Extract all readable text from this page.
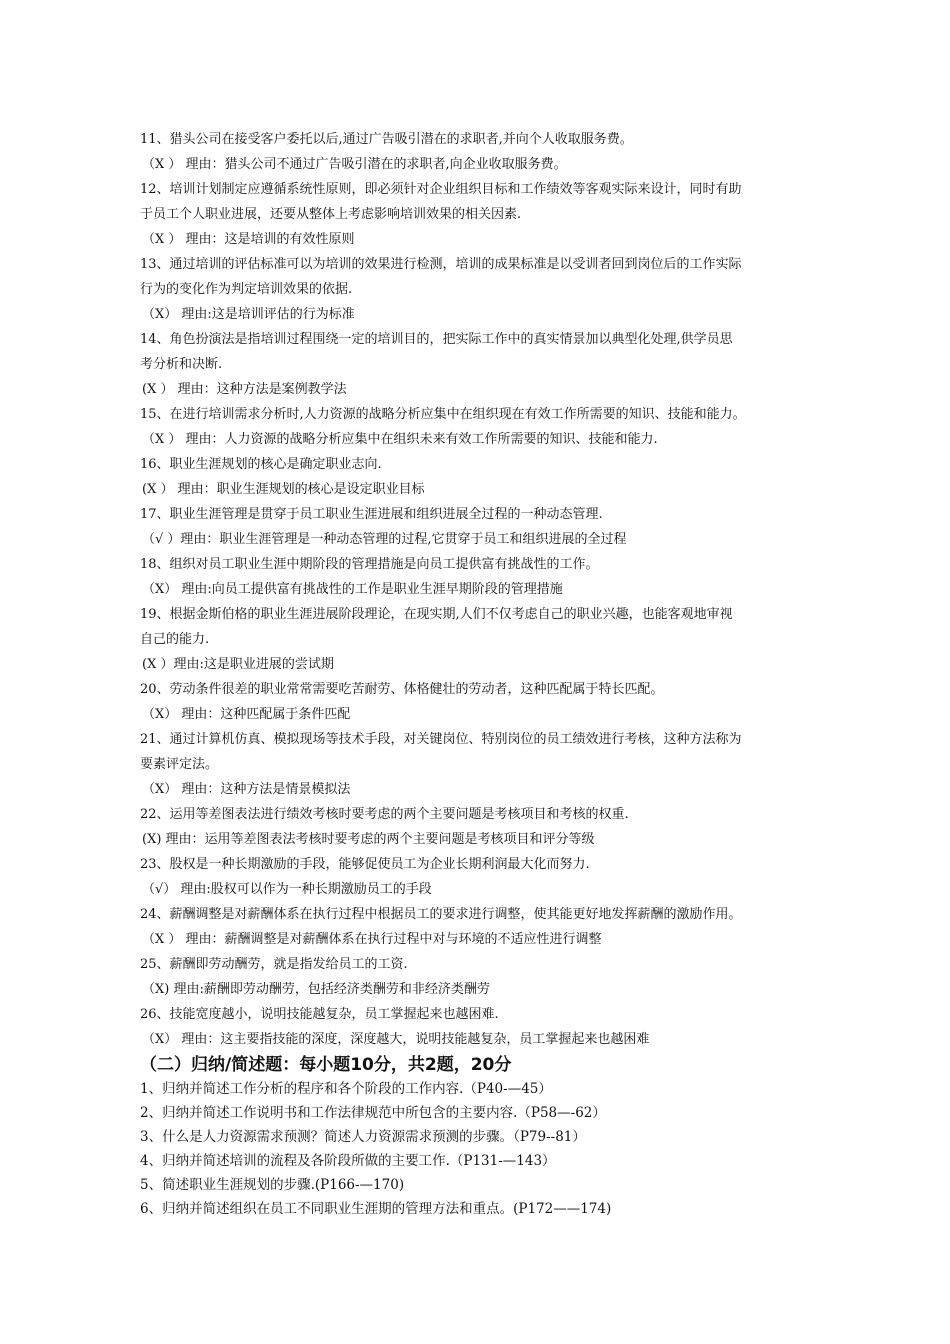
11、猎头公司在接受客户委托以后,通过广告吸引潜在的求职者,并向个人收取服务费。
（X ） 理由：猎头公司不通过广告吸引潜在的求职者,向企业收取服务费。
12、培训计划制定应遵循系统性原则，即必须针对企业组织目标和工作绩效等客观实际来设计，同时有助
于员工个人职业进展，还要从整体上考虑影响培训效果的相关因素.
（X ） 理由：这是培训的有效性原则
13、通过培训的评估标准可以为培训的效果进行检测，培训的成果标准是以受训者回到岗位后的工作实际
行为的变化作为判定培训效果的依据.
（X） 理由:这是培训评估的行为标准
14、角色扮演法是指培训过程围绕一定的培训目的，把实际工作中的真实情景加以典型化处理,供学员思
考分析和决断.
(X ） 理由：这种方法是案例教学法
15、在进行培训需求分析时,人力资源的战略分析应集中在组织现在有效工作所需要的知识、技能和能力。
（X ） 理由：人力资源的战略分析应集中在组织未来有效工作所需要的知识、技能和能力.
16、职业生涯规划的核心是确定职业志向.
(X ） 理由：职业生涯规划的核心是设定职业目标
17、职业生涯管理是贯穿于员工职业生涯进展和组织进展全过程的一种动态管理.
（√ ）理由：职业生涯管理是一种动态管理的过程,它贯穿于员工和组织进展的全过程
18、组织对员工职业生涯中期阶段的管理措施是向员工提供富有挑战性的工作。
（X） 理由:向员工提供富有挑战性的工作是职业生涯早期阶段的管理措施
19、根据金斯伯格的职业生涯进展阶段理论，在现实期,人们不仅考虑自己的职业兴趣，也能客观地审视
自己的能力.
(X ）理由:这是职业进展的尝试期
20、劳动条件很差的职业常常需要吃苦耐劳、体格健壮的劳动者，这种匹配属于特长匹配。
（X） 理由：这种匹配属于条件匹配
21、通过计算机仿真、模拟现场等技术手段，对关键岗位、特别岗位的员工绩效进行考核，这种方法称为
要素评定法。
（X） 理由：这种方法是情景模拟法
22、运用等差图表法进行绩效考核时要考虑的两个主要问题是考核项目和考核的权重.
(X) 理由：运用等差图表法考核时要考虑的两个主要问题是考核项目和评分等级
23、股权是一种长期激励的手段，能够促使员工为企业长期利润最大化而努力.
（√） 理由:股权可以作为一种长期激励员工的手段
24、薪酬调整是对薪酬体系在执行过程中根据员工的要求进行调整，使其能更好地发挥薪酬的激励作用。
（X ） 理由：薪酬调整是对薪酬体系在执行过程中对与环境的不适应性进行调整
25、薪酬即劳动酬劳，就是指发给员工的工资.
（X) 理由:薪酬即劳动酬劳，包括经济类酬劳和非经济类酬劳
26、技能宽度越小，说明技能越复杂，员工掌握起来也越困难.
（X） 理由：这主要指技能的深度，深度越大，说明技能越复杂，员工掌握起来也越困难
（二）归纳/简述题：每小题10分，共2题，20分
1、归纳并简述工作分析的程序和各个阶段的工作内容.（P40-—45）
2、归纳并简述工作说明书和工作法律规范中所包含的主要内容.（P58—-62）
3、什么是人力资源需求预测？简述人力资源需求预测的步骤。（P79--81）
4、归纳并简述培训的流程及各阶段所做的主要工作.（P131-—143）
5、简述职业生涯规划的步骤.(P166-—170)
6、归纳并简述组织在员工不同职业生涯期的管理方法和重点。(P172——174)
